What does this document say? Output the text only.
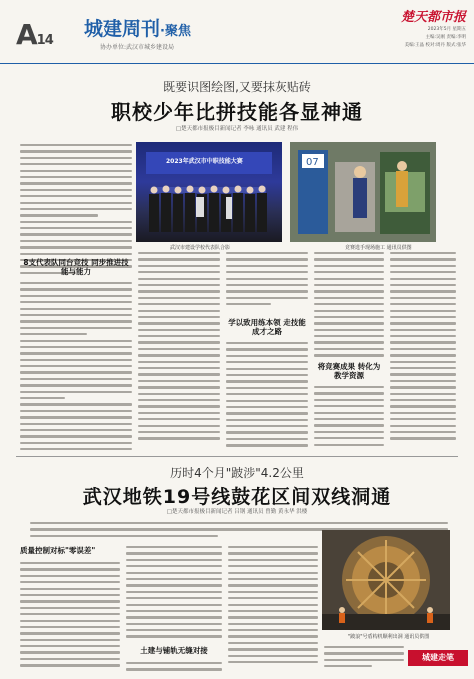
A14
城建周刊·聚焦
协办单位:武汉市城乡建设局
楚天都市报
2023年5月 星期五
主编:吴刚 责编:李明
美编:王晶 校对:周丹 版式:张华
既要识图绘图,又要抹灰贴砖
职校少年比拼技能各显神通
□楚天都市报极目新闻记者 李咏 通讯员 武建 程伟
2023年武汉市中职技能大赛
武汉市建设学校代表队合影
07
竞赛选手现场施工 通讯员供图
8支代表队同台竞技 同步推进技能与能力
学以致用练本领 走技能成才之路
将竞赛成果 转化为教学资源
历时4个月"跛涉"4.2公里
武汉地铁19号线鼓花区间双线洞通
□楚天都市报极目新闻记者 吕钢 通讯员 曾勤 黄永华 洪楼
质量控制对标"零误差"
土建与铺轨无缝对接
"跛浪"号盾构机顺利出洞 通讯员供图
城建走笔
